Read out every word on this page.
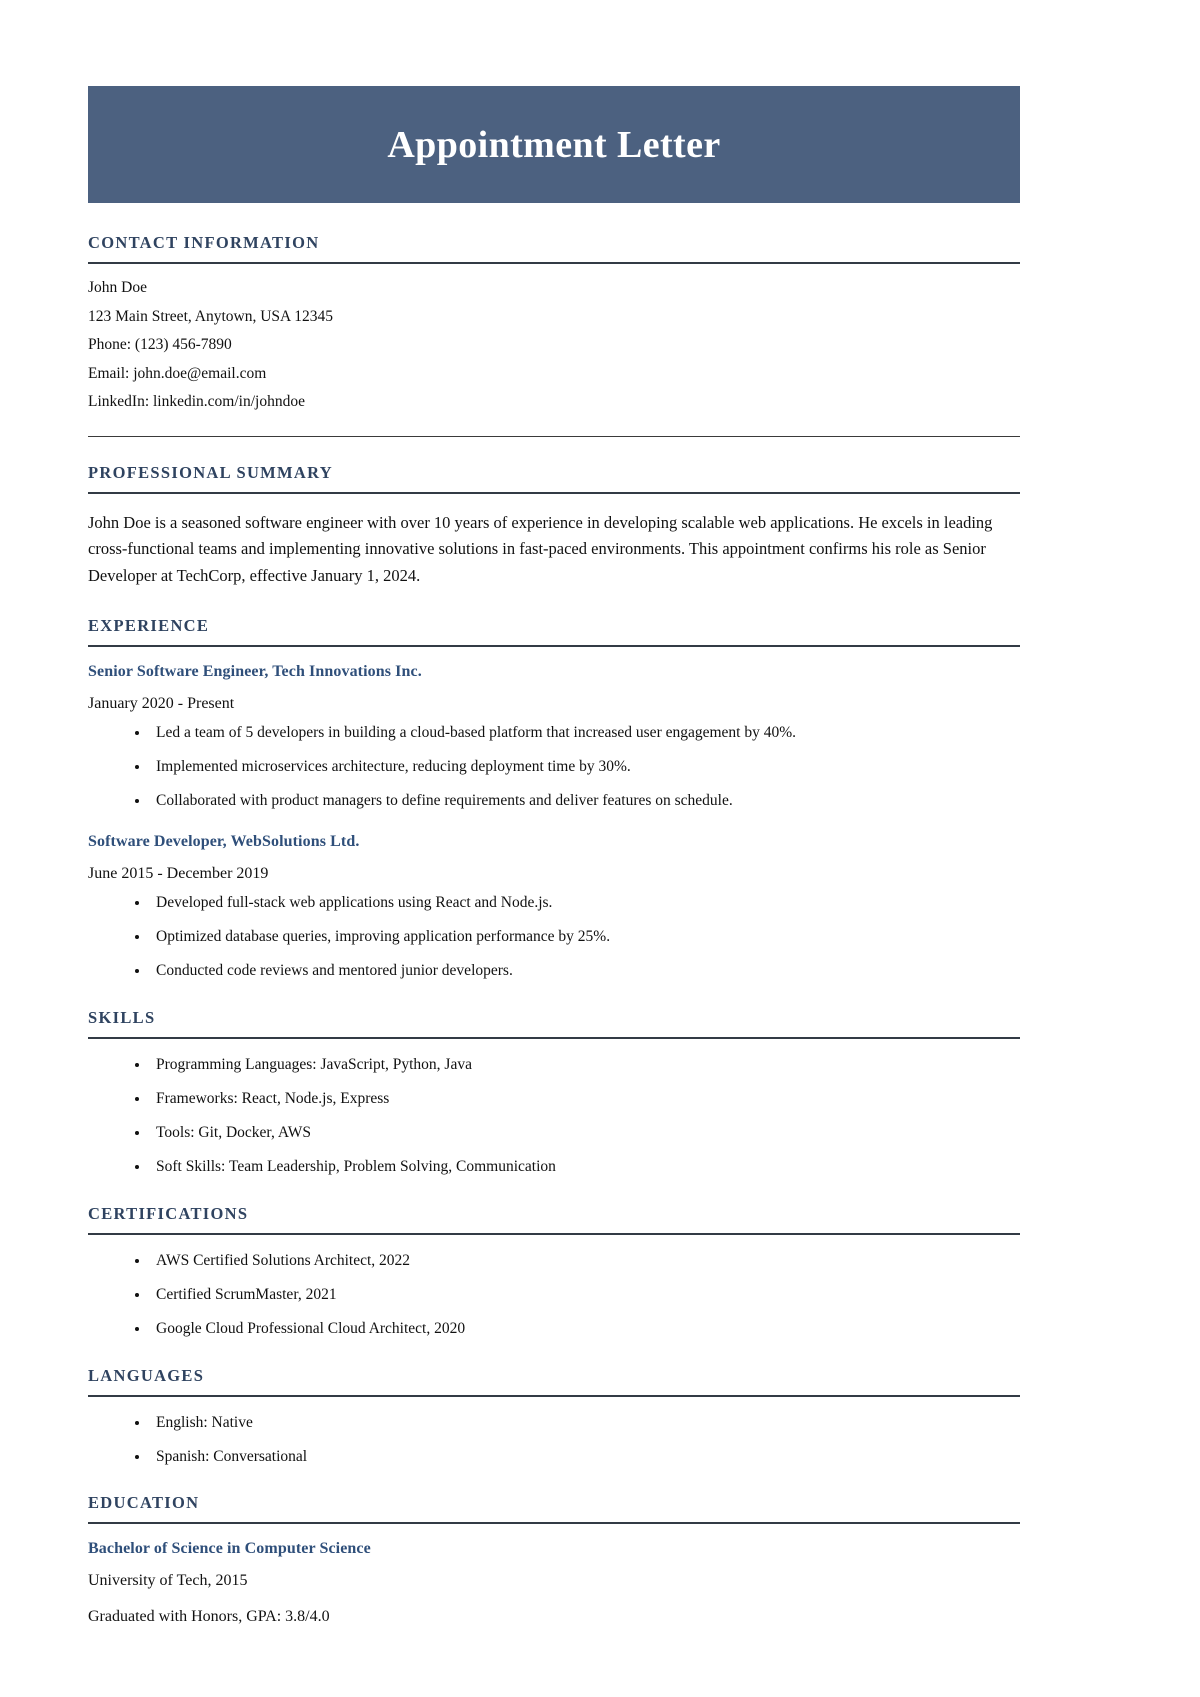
Appointment Letter
CONTACT INFORMATION
John Doe
123 Main Street, Anytown, USA 12345
Phone: (123) 456-7890
Email: john.doe@email.com
LinkedIn: linkedin.com/in/johndoe
PROFESSIONAL SUMMARY

John Doe is a seasoned software engineer with over 10 years of experience in developing scalable web applications. He excels in leading cross-functional teams and implementing innovative solutions in fast-paced environments. This appointment confirms his role as Senior Developer at TechCorp, effective January 1, 2024.

EXPERIENCE
Senior Software Engineer, Tech Innovations Inc.
January 2020 - Present
• Led a team of 5 developers in building a cloud-based platform that increased user engagement by 40%.
• Implemented microservices architecture, reducing deployment time by 30%.
• Collaborated with product managers to define requirements and deliver features on schedule.
Software Developer, WebSolutions Ltd.
June 2015 - December 2019
• Developed full-stack web applications using React and Node.js.
• Optimized database queries, improving application performance by 25%.
• Conducted code reviews and mentored junior developers.
SKILLS
• Programming Languages: JavaScript, Python, Java
• Frameworks: React, Node.js, Express
• Tools: Git, Docker, AWS
• Soft Skills: Team Leadership, Problem Solving, Communication
CERTIFICATIONS
• AWS Certified Solutions Architect, 2022
• Certified ScrumMaster, 2021
• Google Cloud Professional Cloud Architect, 2020
LANGUAGES
• English: Native
• Spanish: Conversational
EDUCATION
Bachelor of Science in Computer Science
University of Tech, 2015
Graduated with Honors, GPA: 3.8/4.0
